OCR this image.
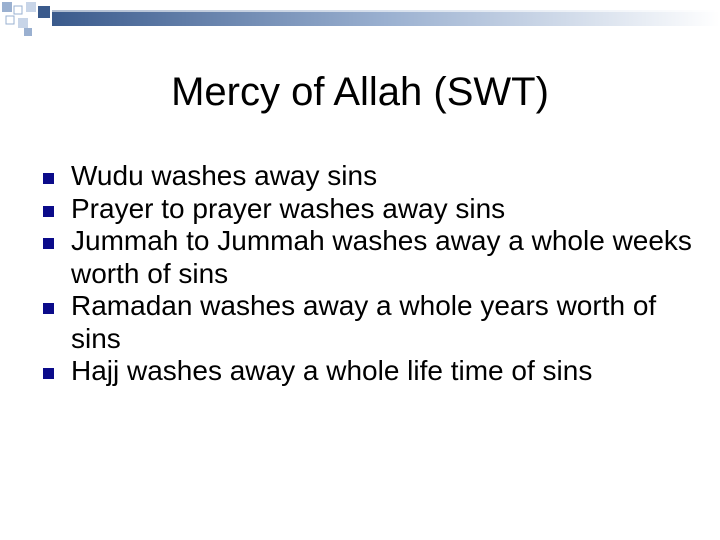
Mercy of Allah (SWT)
Wudu washes away sins
Prayer to prayer washes away sins
Jummah to Jummah washes away a whole weeks worth of sins
Ramadan washes away a whole years worth of sins
Hajj washes away a whole life time of sins
